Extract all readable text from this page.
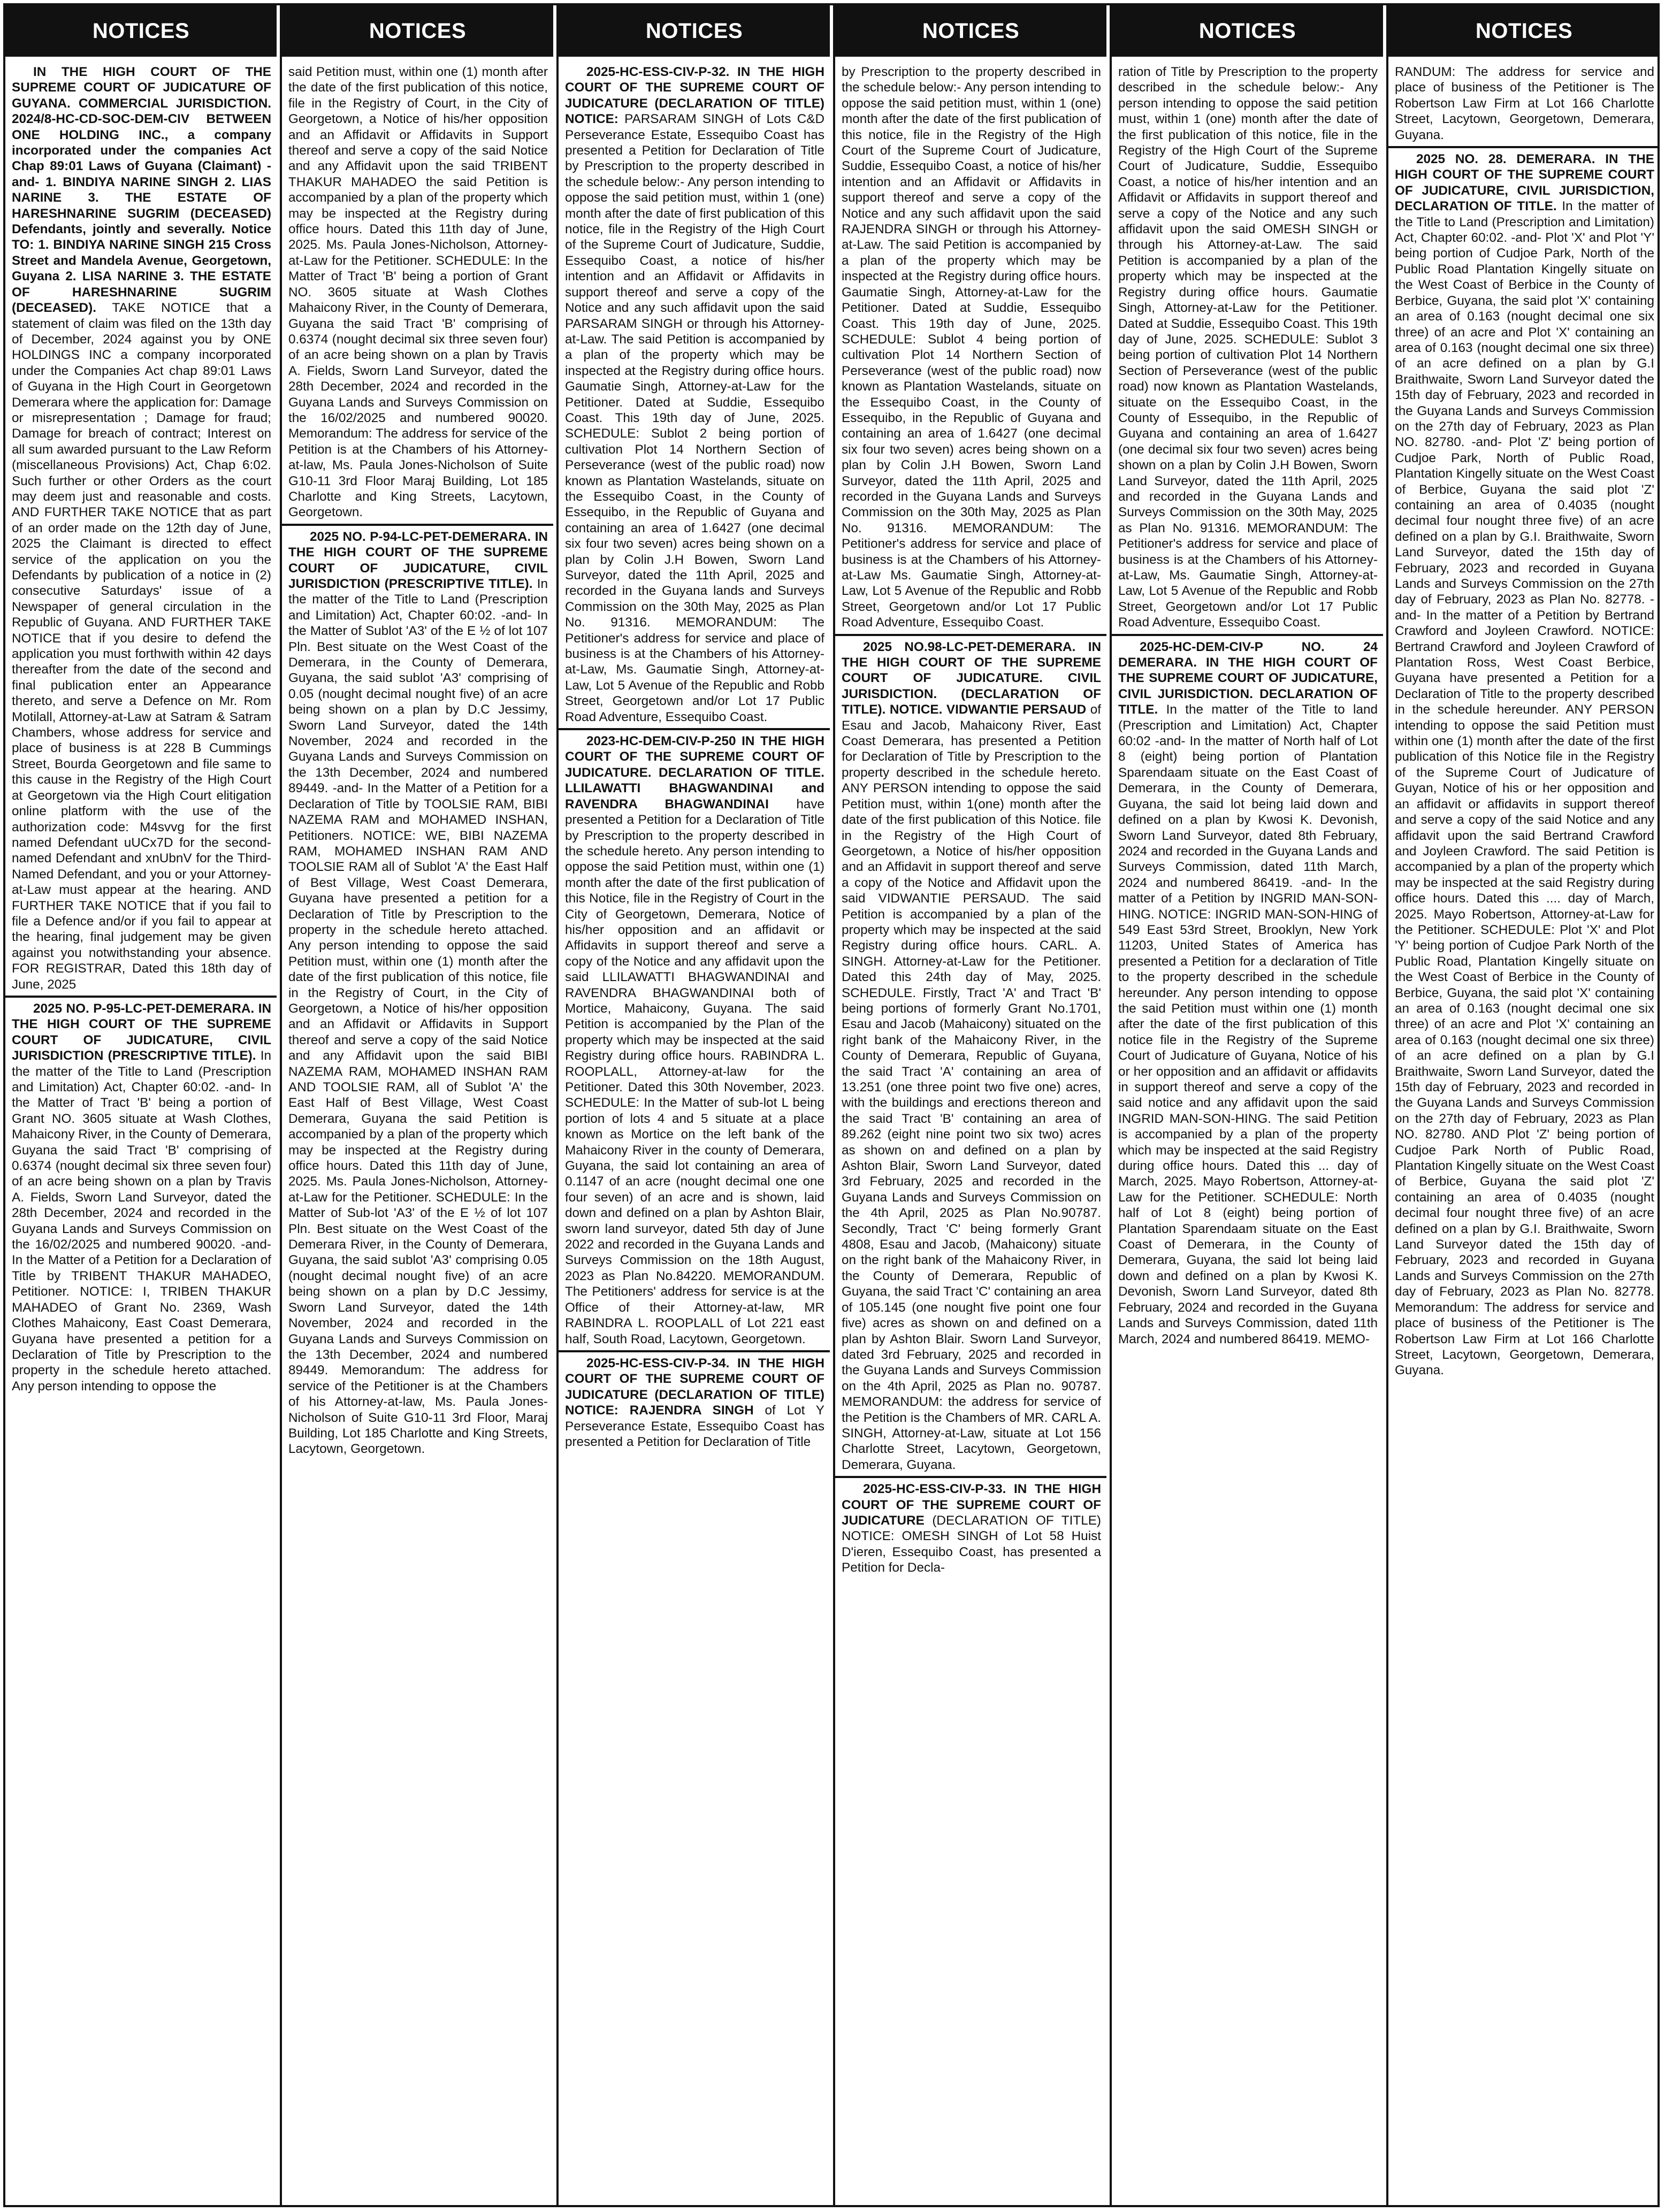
NOTICES

IN THE HIGH COURT OF THE SUPREME COURT OF JUDICATURE OF GUYANA. COMMERCIAL JURISDICTION. 2024/8-HC-CD-SOC-DEM-CIV BETWEEN ONE HOLDING INC., a company incorporated under the companies Act Chap 89:01 Laws of Guyana (Claimant) -and- 1. BINDIYA NARINE SINGH 2. LIAS NARINE 3. THE ESTATE OF HARESHNARINE SUGRIM (DECEASED) Defendants, jointly and severally. Notice TO: 1. BINDIYA NARINE SINGH 215 Cross Street and Mandela Avenue, Georgetown, Guyana 2. LISA NARINE 3. THE ESTATE OF HARESHNARINE SUGRIM (DECEASED). TAKE NOTICE that a statement of claim was filed on the 13th day of December, 2024 against you by ONE HOLDINGS INC a company incorporated under the Companies Act chap 89:01 Laws of Guyana in the High Court in Georgetown Demerara where the application for: Damage or misrepresentation ; Damage for fraud; Damage for breach of contract; Interest on all sum awarded pursuant to the Law Reform (miscellaneous Provisions) Act, Chap 6:02. Such further or other Orders as the court may deem just and reasonable and costs. AND FURTHER TAKE NOTICE that as part of an order made on the 12th day of June, 2025 the Claimant is directed to effect service of the application on you the Defendants by publication of a notice in (2) consecutive Saturdays' issue of a Newspaper of general circulation in the Republic of Guyana. AND FURTHER TAKE NOTICE that if you desire to defend the application you must forthwith within 42 days thereafter from the date of the second and final publication enter an Appearance thereto, and serve a Defence on Mr. Rom Motilall, Attorney-at-Law at Satram & Satram Chambers, whose address for service and place of business is at 228 B Cummings Street, Bourda Georgetown and file same to this cause in the Registry of the High Court at Georgetown via the High Court elitigation online platform with the use of the authorization code: M4svvg for the first named Defendant uUCx7D for the second-named Defendant and xnUbnV for the Third-Named Defendant, and you or your Attorney-at-Law must appear at the hearing. AND FURTHER TAKE NOTICE that if you fail to file a Defence and/or if you fail to appear at the hearing, final judgement may be given against you notwithstanding your absence. FOR REGISTRAR, Dated this 18th day of June, 2025

2025 NO. P-95-LC-PET-DEMERARA. IN THE HIGH COURT OF THE SUPREME COURT OF JUDICATURE, CIVIL JURISDICTION (PRESCRIPTIVE TITLE). In the matter of the Title to Land (Prescription and Limitation) Act, Chapter 60:02. -and- In the Matter of Tract 'B' being a portion of Grant NO. 3605 situate at Wash Clothes, Mahaicony River, in the County of Demerara, Guyana the said Tract 'B' comprising of 0.6374 (nought decimal six three seven four) of an acre being shown on a plan by Travis A. Fields, Sworn Land Surveyor, dated the 28th December, 2024 and recorded in the Guyana Lands and Surveys Commission on the 16/02/2025 and numbered 90020. -and- In the Matter of a Petition for a Declaration of Title by TRIBENT THAKUR MAHADEO, Petitioner. NOTICE: I, TRIBEN THAKUR MAHADEO of Grant No. 2369, Wash Clothes Mahaicony, East Coast Demerara, Guyana have presented a petition for a Declaration of Title by Prescription to the property in the schedule hereto attached. Any person intending to oppose the

NOTICES

said Petition must, within one (1) month after the date of the first publication of this notice, file in the Registry of Court, in the City of Georgetown, a Notice of his/her opposition and an Affidavit or Affidavits in Support thereof and serve a copy of the said Notice and any Affidavit upon the said TRIBENT THAKUR MAHADEO the said Petition is accompanied by a plan of the property which may be inspected at the Registry during office hours. Dated this 11th day of June, 2025. Ms. Paula Jones-Nicholson, Attorney-at-Law for the Petitioner. SCHEDULE: In the Matter of Tract 'B' being a portion of Grant NO. 3605 situate at Wash Clothes Mahaicony River, in the County of Demerara, Guyana the said Tract 'B' comprising of 0.6374 (nought decimal six three seven four) of an acre being shown on a plan by Travis A. Fields, Sworn Land Surveyor, dated the 28th December, 2024 and recorded in the Guyana Lands and Surveys Commission on the 16/02/2025 and numbered 90020. Memorandum: The address for service of the Petition is at the Chambers of his Attorney-at-law, Ms. Paula Jones-Nicholson of Suite G10-11 3rd Floor Maraj Building, Lot 185 Charlotte and King Streets, Lacytown, Georgetown.

2025 NO. P-94-LC-PET-DEMERARA. IN THE HIGH COURT OF THE SUPREME COURT OF JUDICATURE, CIVIL JURISDICTION (PRESCRIPTIVE TITLE). In the matter of the Title to Land (Prescription and Limitation) Act, Chapter 60:02. -and- In the Matter of Sublot 'A3' of the E ½ of lot 107 Pln. Best situate on the West Coast of the Demerara, in the County of Demerara, Guyana, the said sublot 'A3' comprising of 0.05 (nought decimal nought five) of an acre being shown on a plan by D.C Jessimy, Sworn Land Surveyor, dated the 14th November, 2024 and recorded in the Guyana Lands and Surveys Commission on the 13th December, 2024 and numbered 89449. -and- In the Matter of a Petition for a Declaration of Title by TOOLSIE RAM, BIBI NAZEMA RAM and MOHAMED INSHAN, Petitioners. NOTICE: WE, BIBI NAZEMA RAM, MOHAMED INSHAN RAM AND TOOLSIE RAM all of Sublot 'A' the East Half of Best Village, West Coast Demerara, Guyana have presented a petition for a Declaration of Title by Prescription to the property in the schedule hereto attached. Any person intending to oppose the said Petition must, within one (1) month after the date of the first publication of this notice, file in the Registry of Court, in the City of Georgetown, a Notice of his/her opposition and an Affidavit or Affidavits in Support thereof and serve a copy of the said Notice and any Affidavit upon the said BIBI NAZEMA RAM, MOHAMED INSHAN RAM AND TOOLSIE RAM, all of Sublot 'A' the East Half of Best Village, West Coast Demerara, Guyana the said Petition is accompanied by a plan of the property which may be inspected at the Registry during office hours. Dated this 11th day of June, 2025. Ms. Paula Jones-Nicholson, Attorney-at-Law for the Petitioner. SCHEDULE: In the Matter of Sub-lot 'A3' of the E ½ of lot 107 Pln. Best situate on the West Coast of the Demerara River, in the County of Demerara, Guyana, the said sublot 'A3' comprising 0.05 (nought decimal nought five) of an acre being shown on a plan by D.C Jessimy, Sworn Land Surveyor, dated the 14th November, 2024 and recorded in the Guyana Lands and Surveys Commission on the 13th December, 2024 and numbered 89449. Memorandum: The address for service of the Petitioner is at the Chambers of his Attorney-at-law, Ms. Paula Jones-Nicholson of Suite G10-11 3rd Floor, Maraj Building, Lot 185 Charlotte and King Streets, Lacytown, Georgetown.

NOTICES

2025-HC-ESS-CIV-P-32. IN THE HIGH COURT OF THE SUPREME COURT OF JUDICATURE (DECLARATION OF TITLE) NOTICE: PARSARAM SINGH of Lots C&D Perseverance Estate, Essequibo Coast has presented a Petition for Declaration of Title by Prescription to the property described in the schedule below:- Any person intending to oppose the said petition must, within 1 (one) month after the date of first publication of this notice, file in the Registry of the High Court of the Supreme Court of Judicature, Suddie, Essequibo Coast, a notice of his/her intention and an Affidavit or Affidavits in support thereof and serve a copy of the Notice and any such affidavit upon the said PARSARAM SINGH or through his Attorney-at-Law. The said Petition is accompanied by a plan of the property which may be inspected at the Registry during office hours. Gaumatie Singh, Attorney-at-Law for the Petitioner. Dated at Suddie, Essequibo Coast. This 19th day of June, 2025. SCHEDULE: Sublot 2 being portion of cultivation Plot 14 Northern Section of Perseverance (west of the public road) now known as Plantation Wastelands, situate on the Essequibo Coast, in the County of Essequibo, in the Republic of Guyana and containing an area of 1.6427 (one decimal six four two seven) acres being shown on a plan by Colin J.H Bowen, Sworn Land Surveyor, dated the 11th April, 2025 and recorded in the Guyana lands and Surveys Commission on the 30th May, 2025 as Plan No. 91316. MEMORANDUM: The Petitioner's address for service and place of business is at the Chambers of his Attorney-at-Law, Ms. Gaumatie Singh, Attorney-at-Law, Lot 5 Avenue of the Republic and Robb Street, Georgetown and/or Lot 17 Public Road Adventure, Essequibo Coast.

2023-HC-DEM-CIV-P-250 IN THE HIGH COURT OF THE SUPREME COURT OF JUDICATURE. DECLARATION OF TITLE. LLILAWATTI BHAGWANDINAI and RAVENDRA BHAGWANDINAI have presented a Petition for a Declaration of Title by Prescription to the property described in the schedule hereto. Any person intending to oppose the said Petition must, within one (1) month after the date of the first publication of this Notice, file in the Registry of Court in the City of Georgetown, Demerara, Notice of his/her opposition and an affidavit or Affidavits in support thereof and serve a copy of the Notice and any affidavit upon the said LLILAWATTI BHAGWANDINAI and RAVENDRA BHAGWANDINAI both of Mortice, Mahaicony, Guyana. The said Petition is accompanied by the Plan of the property which may be inspected at the said Registry during office hours. RABINDRA L. ROOPLALL, Attorney-at-law for the Petitioner. Dated this 30th November, 2023. SCHEDULE: In the Matter of sub-lot L being portion of lots 4 and 5 situate at a place known as Mortice on the left bank of the Mahaicony River in the county of Demerara, Guyana, the said lot containing an area of 0.1147 of an acre (nought decimal one one four seven) of an acre and is shown, laid down and defined on a plan by Ashton Blair, sworn land surveyor, dated 5th day of June 2022 and recorded in the Guyana Lands and Surveys Commission on the 18th August, 2023 as Plan No.84220. MEMORANDUM. The Petitioners' address for service is at the Office of their Attorney-at-law, MR RABINDRA L. ROOPLALL of Lot 221 east half, South Road, Lacytown, Georgetown.

2025-HC-ESS-CIV-P-34. IN THE HIGH COURT OF THE SUPREME COURT OF JUDICATURE (DECLARATION OF TITLE) NOTICE: RAJENDRA SINGH of Lot Y Perseverance Estate, Essequibo Coast has presented a Petition for Declaration of Title

NOTICES

by Prescription to the property described in the schedule below:- Any person intending to oppose the said petition must, within 1 (one) month after the date of the first publication of this notice, file in the Registry of the High Court of the Supreme Court of Judicature, Suddie, Essequibo Coast, a notice of his/her intention and an Affidavit or Affidavits in support thereof and serve a copy of the Notice and any such affidavit upon the said RAJENDRA SINGH or through his Attorney-at-Law. The said Petition is accompanied by a plan of the property which may be inspected at the Registry during office hours. Gaumatie Singh, Attorney-at-Law for the Petitioner. Dated at Suddie, Essequibo Coast. This 19th day of June, 2025. SCHEDULE: Sublot 4 being portion of cultivation Plot 14 Northern Section of Perseverance (west of the public road) now known as Plantation Wastelands, situate on the Essequibo Coast, in the County of Essequibo, in the Republic of Guyana and containing an area of 1.6427 (one decimal six four two seven) acres being shown on a plan by Colin J.H Bowen, Sworn Land Surveyor, dated the 11th April, 2025 and recorded in the Guyana Lands and Surveys Commission on the 30th May, 2025 as Plan No. 91316. MEMORANDUM: The Petitioner's address for service and place of business is at the Chambers of his Attorney-at-Law Ms. Gaumatie Singh, Attorney-at-Law, Lot 5 Avenue of the Republic and Robb Street, Georgetown and/or Lot 17 Public Road Adventure, Essequibo Coast.

2025 NO.98-LC-PET-DEMERARA. IN THE HIGH COURT OF THE SUPREME COURT OF JUDICATURE. CIVIL JURISDICTION. (DECLARATION OF TITLE). NOTICE. VIDWANTIE PERSAUD of Esau and Jacob, Mahaicony River, East Coast Demerara, has presented a Petition for Declaration of Title by Prescription to the property described in the schedule hereto. ANY PERSON intending to oppose the said Petition must, within 1(one) month after the date of the first publication of this Notice. file in the Registry of the High Court of Georgetown, a Notice of his/her opposition and an Affidavit in support thereof and serve a copy of the Notice and Affidavit upon the said VIDWANTIE PERSAUD. The said Petition is accompanied by a plan of the property which may be inspected at the said Registry during office hours. CARL. A. SINGH. Attorney-at-Law for the Petitioner. Dated this 24th day of May, 2025. SCHEDULE. Firstly, Tract 'A' and Tract 'B' being portions of formerly Grant No.1701, Esau and Jacob (Mahaicony) situated on the right bank of the Mahaicony River, in the County of Demerara, Republic of Guyana, the said Tract 'A' containing an area of 13.251 (one three point two five one) acres, with the buildings and erections thereon and the said Tract 'B' containing an area of 89.262 (eight nine point two six two) acres as shown on and defined on a plan by Ashton Blair, Sworn Land Surveyor, dated 3rd February, 2025 and recorded in the Guyana Lands and Surveys Commission on the 4th April, 2025 as Plan No.90787. Secondly, Tract 'C' being formerly Grant 4808, Esau and Jacob, (Mahaicony) situate on the right bank of the Mahaicony River, in the County of Demerara, Republic of Guyana, the said Tract 'C' containing an area of 105.145 (one nought five point one four five) acres as shown on and defined on a plan by Ashton Blair. Sworn Land Surveyor, dated 3rd February, 2025 and recorded in the Guyana Lands and Surveys Commission on the 4th April, 2025 as Plan no. 90787. MEMORANDUM: the address for service of the Petition is the Chambers of MR. CARL A. SINGH, Attorney-at-Law, situate at Lot 156 Charlotte Street, Lacytown, Georgetown, Demerara, Guyana.

2025-HC-ESS-CIV-P-33. IN THE HIGH COURT OF THE SUPREME COURT OF JUDICATURE (DECLARATION OF TITLE) NOTICE: OMESH SINGH of Lot 58 Huist D'ieren, Essequibo Coast, has presented a Petition for Decla-

NOTICES

ration of Title by Prescription to the property described in the schedule below:- Any person intending to oppose the said petition must, within 1 (one) month after the date of the first publication of this notice, file in the Registry of the High Court of the Supreme Court of Judicature, Suddie, Essequibo Coast, a notice of his/her intention and an Affidavit or Affidavits in support thereof and serve a copy of the Notice and any such affidavit upon the said OMESH SINGH or through his Attorney-at-Law. The said Petition is accompanied by a plan of the property which may be inspected at the Registry during office hours. Gaumatie Singh, Attorney-at-Law for the Petitioner. Dated at Suddie, Essequibo Coast. This 19th day of June, 2025. SCHEDULE: Sublot 3 being portion of cultivation Plot 14 Northern Section of Perseverance (west of the public road) now known as Plantation Wastelands, situate on the Essequibo Coast, in the County of Essequibo, in the Republic of Guyana and containing an area of 1.6427 (one decimal six four two seven) acres being shown on a plan by Colin J.H Bowen, Sworn Land Surveyor, dated the 11th April, 2025 and recorded in the Guyana Lands and Surveys Commission on the 30th May, 2025 as Plan No. 91316. MEMORANDUM: The Petitioner's address for service and place of business is at the Chambers of his Attorney-at-Law, Ms. Gaumatie Singh, Attorney-at-Law, Lot 5 Avenue of the Republic and Robb Street, Georgetown and/or Lot 17 Public Road Adventure, Essequibo Coast.

2025-HC-DEM-CIV-P NO. 24 DEMERARA. IN THE HIGH COURT OF THE SUPREME COURT OF JUDICATURE, CIVIL JURISDICTION. DECLARATION OF TITLE. In the matter of the Title to land (Prescription and Limitation) Act, Chapter 60:02 -and- In the matter of North half of Lot 8 (eight) being portion of Plantation Sparendaam situate on the East Coast of Demerara, in the County of Demerara, Guyana, the said lot being laid down and defined on a plan by Kwosi K. Devonish, Sworn Land Surveyor, dated 8th February, 2024 and recorded in the Guyana Lands and Surveys Commission, dated 11th March, 2024 and numbered 86419. -and- In the matter of a Petition by INGRID MAN-SON-HING. NOTICE: INGRID MAN-SON-HING of 549 East 53rd Street, Brooklyn, New York 11203, United States of America has presented a Petition for a declaration of Title to the property described in the schedule hereunder. Any person intending to oppose the said Petition must within one (1) month after the date of the first publication of this notice file in the Registry of the Supreme Court of Judicature of Guyana, Notice of his or her opposition and an affidavit or affidavits in support thereof and serve a copy of the said notice and any affidavit upon the said INGRID MAN-SON-HING. The said Petition is accompanied by a plan of the property which may be inspected at the said Registry during office hours. Dated this ... day of March, 2025. Mayo Robertson, Attorney-at-Law for the Petitioner. SCHEDULE: North half of Lot 8 (eight) being portion of Plantation Sparendaam situate on the East Coast of Demerara, in the County of Demerara, Guyana, the said lot being laid down and defined on a plan by Kwosi K. Devonish, Sworn Land Surveyor, dated 8th February, 2024 and recorded in the Guyana Lands and Surveys Commission, dated 11th March, 2024 and numbered 86419. MEMO-

NOTICES

RANDUM: The address for service and place of business of the Petitioner is The Robertson Law Firm at Lot 166 Charlotte Street, Lacytown, Georgetown, Demerara, Guyana.

2025 NO. 28. DEMERARA. IN THE HIGH COURT OF THE SUPREME COURT OF JUDICATURE, CIVIL JURISDICTION, DECLARATION OF TITLE. In the matter of the Title to Land (Prescription and Limitation) Act, Chapter 60:02. -and- Plot 'X' and Plot 'Y' being portion of Cudjoe Park, North of the Public Road Plantation Kingelly situate on the West Coast of Berbice in the County of Berbice, Guyana, the said plot 'X' containing an area of 0.163 (nought decimal one six three) of an acre and Plot 'X' containing an area of 0.163 (nought decimal one six three) of an acre defined on a plan by G.I Braithwaite, Sworn Land Surveyor dated the 15th day of February, 2023 and recorded in the Guyana Lands and Surveys Commission on the 27th day of February, 2023 as Plan NO. 82780. -and- Plot 'Z' being portion of Cudjoe Park, North of Public Road, Plantation Kingelly situate on the West Coast of Berbice, Guyana the said plot 'Z' containing an area of 0.4035 (nought decimal four nought three five) of an acre defined on a plan by G.I. Braithwaite, Sworn Land Surveyor, dated the 15th day of February, 2023 and recorded in Guyana Lands and Surveys Commission on the 27th day of February, 2023 as Plan No. 82778. -and- In the matter of a Petition by Bertrand Crawford and Joyleen Crawford. NOTICE: Bertrand Crawford and Joyleen Crawford of Plantation Ross, West Coast Berbice, Guyana have presented a Petition for a Declaration of Title to the property described in the schedule hereunder. ANY PERSON intending to oppose the said Petition must within one (1) month after the date of the first publication of this Notice file in the Registry of the Supreme Court of Judicature of Guyan, Notice of his or her opposition and an affidavit or affidavits in support thereof and serve a copy of the said Notice and any affidavit upon the said Bertrand Crawford and Joyleen Crawford. The said Petition is accompanied by a plan of the property which may be inspected at the said Registry during office hours. Dated this .... day of March, 2025. Mayo Robertson, Attorney-at-Law for the Petitioner. SCHEDULE: Plot 'X' and Plot 'Y' being portion of Cudjoe Park North of the Public Road, Plantation Kingelly situate on the West Coast of Berbice in the County of Berbice, Guyana, the said plot 'X' containing an area of 0.163 (nought decimal one six three) of an acre and Plot 'X' containing an area of 0.163 (nought decimal one six three) of an acre defined on a plan by G.I Braithwaite, Sworn Land Surveyor, dated the 15th day of February, 2023 and recorded in the Guyana Lands and Surveys Commission on the 27th day of February, 2023 as Plan NO. 82780. AND Plot 'Z' being portion of Cudjoe Park North of Public Road, Plantation Kingelly situate on the West Coast of Berbice, Guyana the said plot 'Z' containing an area of 0.4035 (nought decimal four nought three five) of an acre defined on a plan by G.I. Braithwaite, Sworn Land Surveyor dated the 15th day of February, 2023 and recorded in Guyana Lands and Surveys Commission on the 27th day of February, 2023 as Plan No. 82778. Memorandum: The address for service and place of business of the Petitioner is The Robertson Law Firm at Lot 166 Charlotte Street, Lacytown, Georgetown, Demerara, Guyana.
